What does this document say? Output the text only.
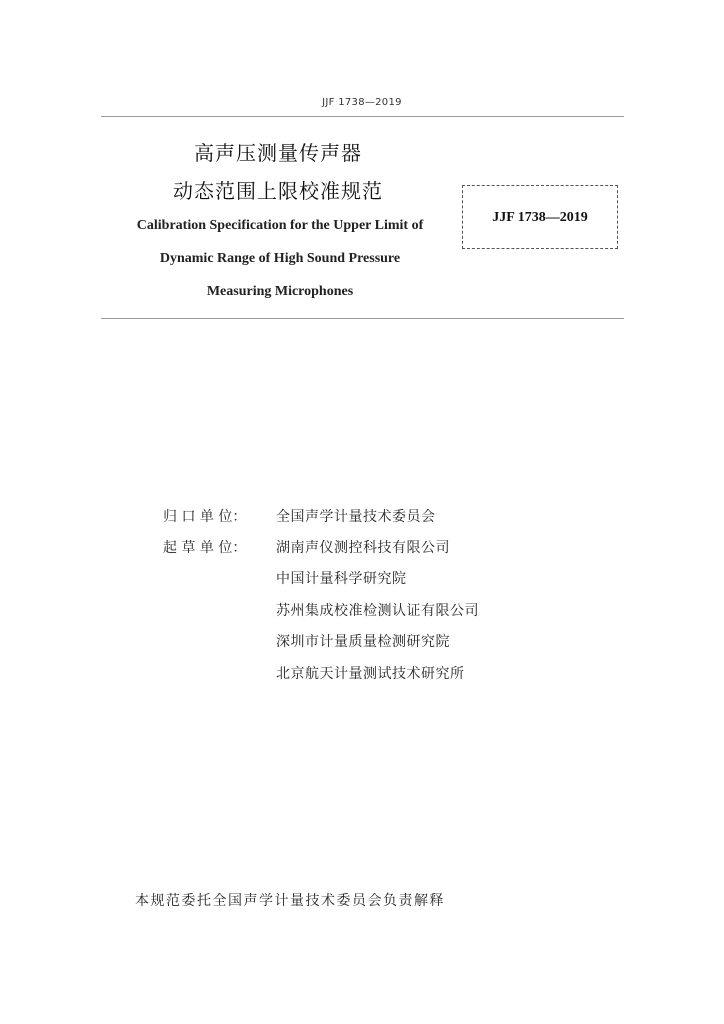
JJF 1738—2019
高声压测量传声器
动态范围上限校准规范
Calibration Specification for the Upper Limit of
Dynamic Range of High Sound Pressure
Measuring Microphones
JJF 1738—2019
归 口 单 位： 全国声学计量技术委员会
起 草 单 位：	湖南声仪测控科技有限公司
中国计量科学研究院
苏州集成校准检测认证有限公司
深圳市计量质量检测研究院
北京航天计量测试技术研究所
本规范委托全国声学计量技术委员会负责解释
